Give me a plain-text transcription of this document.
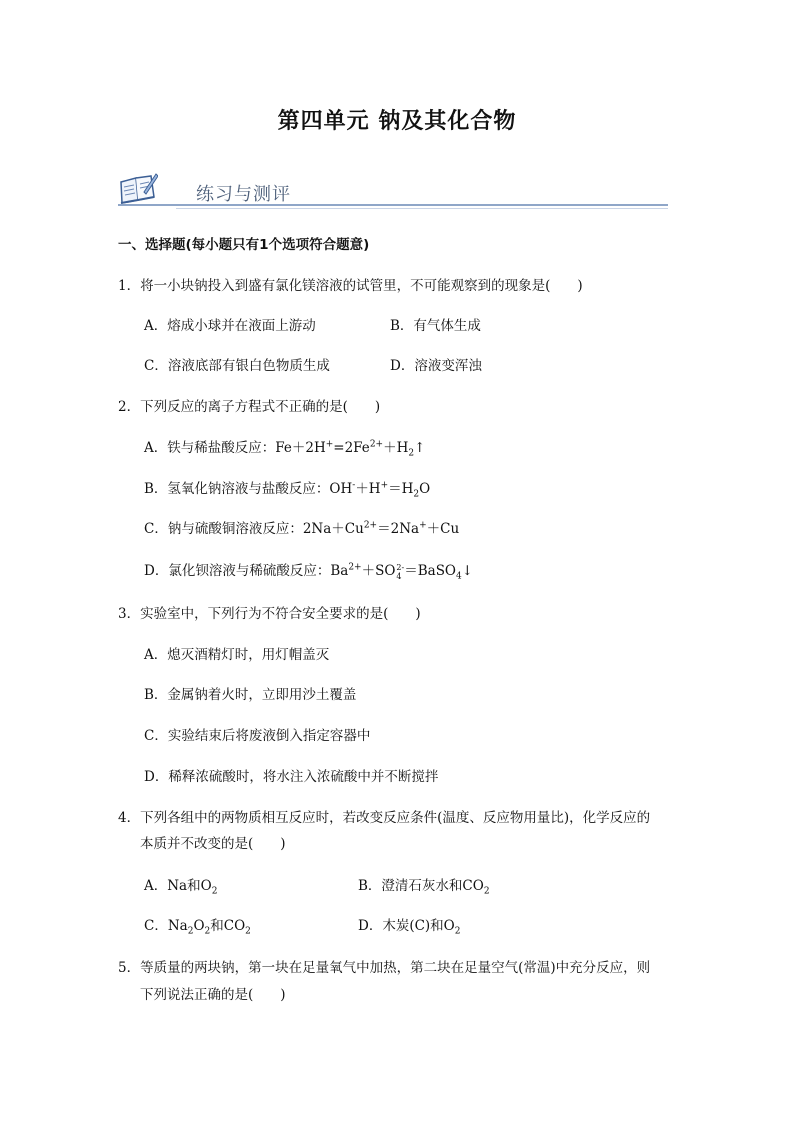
第四单元 钠及其化合物
练习与测评
一、选择题(每小题只有1个选项符合题意)
1．将一小块钠投入到盛有氯化镁溶液的试管里，不可能观察到的现象是(　　)
A．熔成小球并在液面上游动	B．有气体生成
C．溶液底部有银白色物质生成	D．溶液变浑浊
2．下列反应的离子方程式不正确的是(　　)
A．铁与稀盐酸反应：$Fe+2H^+=2Fe^{2+}+H_2↑$
B．氢氧化钠溶液与盐酸反应：$OH^-+H^+=H_2O$
C．钠与硫酸铜溶液反应：$2Na+Cu^{2+}=2Na^++Cu$
D．氯化钡溶液与稀硫酸反应：$Ba^{2+}+SO$ 2-
4 ＝BaSO$_4$↓
3．实验室中，下列行为不符合安全要求的是(　　)
A．熄灭酒精灯时，用灯帽盖灭
B．金属钠着火时，立即用沙土覆盖
C．实验结束后将废液倒入指定容器中
D．稀释浓硫酸时，将水注入浓硫酸中并不断搅拌
4．下列各组中的两物质相互反应时，若改变反应条件(温度、反应物用量比)，化学反应的
本质并不改变的是(　　)
A．Na和$O_2$	B．澄清石灰水和$CO_2$
C．$Na_2O_2$和$CO_2$	D．木炭(C)和$O_2$
5．等质量的两块钠，第一块在足量氧气中加热，第二块在足量空气(常温)中充分反应，则
下列说法正确的是(　　)
